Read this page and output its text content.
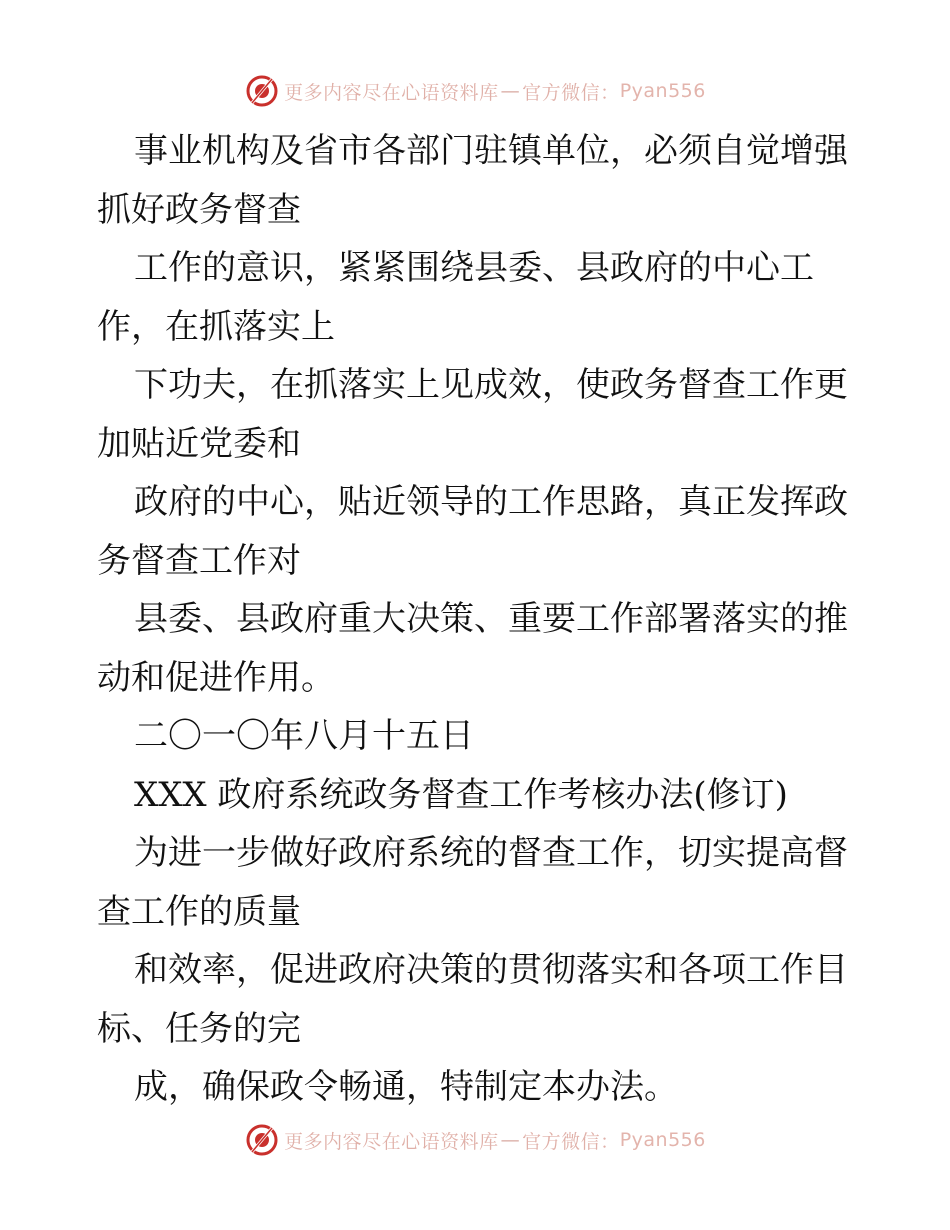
更多内容尽在心语资料库 — 官方微信： Pyan556

事业机构及省市各部门驻镇单位，必须自觉增强
抓好政务督查
工作的意识，紧紧围绕县委、县政府的中心工
作，在抓落实上
下功夫，在抓落实上见成效，使政务督查工作更
加贴近党委和
政府的中心，贴近领导的工作思路，真正发挥政
务督查工作对
县委、县政府重大决策、重要工作部署落实的推
动和促进作用。
二〇一〇年八月十五日
XXX 政府系统政务督查工作考核办法(修订)
为进一步做好政府系统的督查工作，切实提高督
查工作的质量
和效率，促进政府决策的贯彻落实和各项工作目
标、任务的完
成，确保政令畅通，特制定本办法。

更多内容尽在心语资料库 — 官方微信： Pyan556
